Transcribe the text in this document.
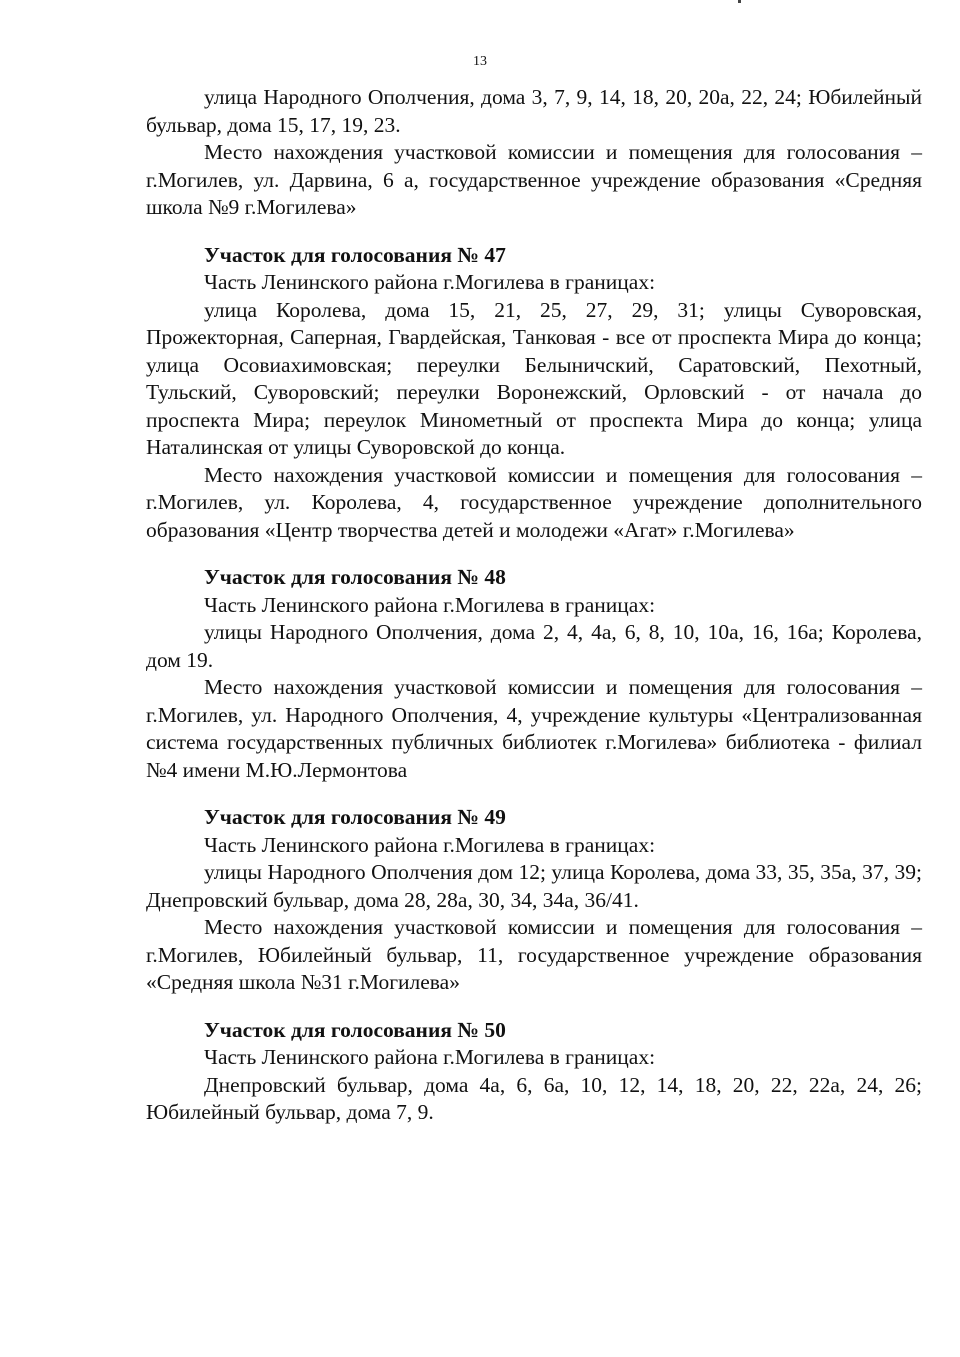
13

улица Народного Ополчения, дома 3, 7, 9, 14, 18, 20, 20а, 22, 24; Юбилейный бульвар, дома 15, 17, 19, 23.

Место нахождения участковой комиссии и помещения для голосования – г.Могилев, ул. Дарвина, 6 а, государственное учреждение образования «Средняя школа №9 г.Могилева»

Участок для голосования № 47

Часть Ленинского района г.Могилева в границах:

улица Королева, дома 15, 21, 25, 27, 29, 31; улицы Суворовская, Прожекторная, Саперная, Гвардейская, Танковая - все от проспекта Мира до конца; улица Осовиахимовская; переулки Белыничский, Саратовский, Пехотный, Тульский, Суворовский; переулки Воронежский, Орловский - от начала до проспекта Мира; переулок Минометный от проспекта Мира до конца; улица Наталинская от улицы Суворовской до конца.

Место нахождения участковой комиссии и помещения для голосования – г.Могилев, ул. Королева, 4, государственное учреждение дополнительного образования «Центр творчества детей и молодежи «Агат» г.Могилева»

Участок для голосования № 48

Часть Ленинского района г.Могилева в границах:

улицы Народного Ополчения, дома 2, 4, 4а, 6, 8, 10, 10а, 16, 16а; Королева, дом 19.

Место нахождения участковой комиссии и помещения для голосования – г.Могилев, ул. Народного Ополчения, 4, учреждение культуры «Централизованная система государственных публичных библиотек г.Могилева» библиотека - филиал №4 имени М.Ю.Лермонтова

Участок для голосования № 49

Часть Ленинского района г.Могилева в границах:

улицы Народного Ополчения дом 12; улица Королева, дома 33, 35, 35а, 37, 39; Днепровский бульвар, дома 28, 28а, 30, 34, 34а, 36/41.

Место нахождения участковой комиссии и помещения для голосования – г.Могилев, Юбилейный бульвар, 11, государственное учреждение образования «Средняя школа №31 г.Могилева»

Участок для голосования № 50

Часть Ленинского района г.Могилева в границах:

Днепровский бульвар, дома 4а, 6, 6а, 10, 12, 14, 18, 20, 22, 22а, 24, 26; Юбилейный бульвар, дома 7, 9.
